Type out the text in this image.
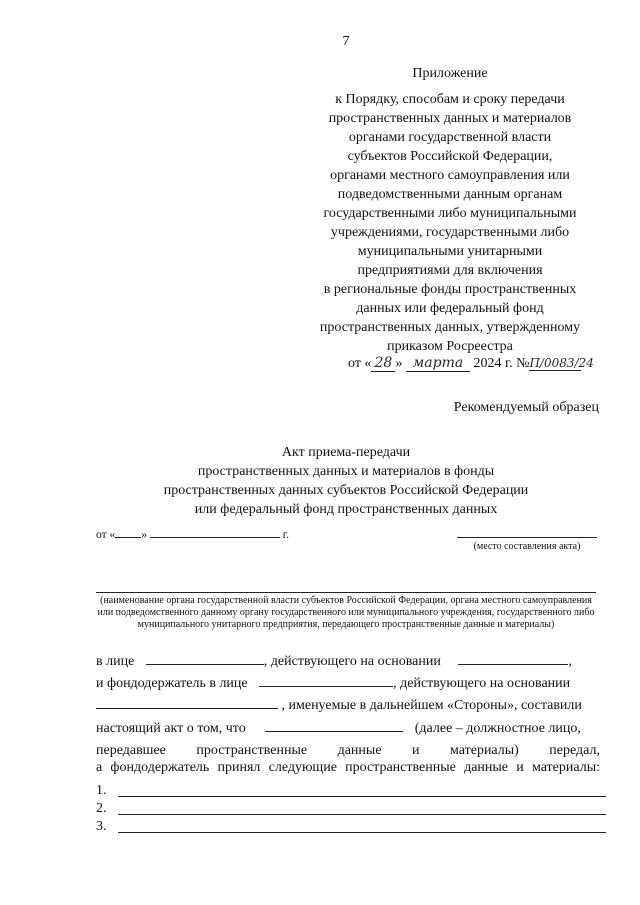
7
Приложение
к Порядку, способам и сроку передачи
пространственных данных и материалов
органами государственной власти
субъектов Российской Федерации,
органами местного самоуправления или
подведомственными данным органам
государственными либо муниципальными
учреждениями, государственными либо
муниципальными унитарными
предприятиями для включения
в региональные фонды пространственных
данных или федеральный фонд
пространственных данных, утвержденному
приказом Росреестра
от « 28 » марта 2024 г. №П/0083/24
Рекомендуемый образец
Акт приема-передачи
пространственных данных и материалов в фонды
пространственных данных субъектов Российской Федерации
или федеральный фонд пространственных данных
от « »	г.
(место составления акта)
(наименование органа государственной власти субъектов Российской Федерации, органа местного самоуправления или подведомственного данному органу государственного или муниципального учреждения, государственного либо муниципального унитарного предприятия, передающего пространственные данные и материалы)
в лице	, действующего на основании	,
и фондодержатель в лице	, действующего на основании
, именуемые в дальнейшем «Стороны», составили
настоящий акт о том, что	(далее – должностное лицо,
передавшее пространственные данные и материалы) передал,
а фондодержатель принял следующие пространственные данные и материалы:
1.
2.
3.
